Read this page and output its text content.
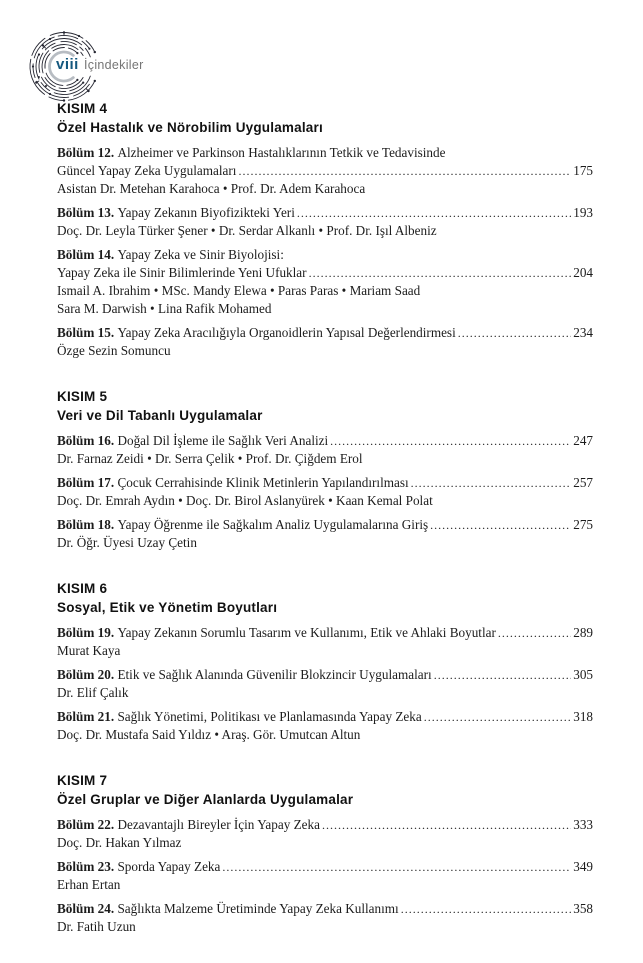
viii İçindekiler
KISIM 4
Özel Hastalık ve Nörobilim Uygulamaları
Bölüm 12. Alzheimer ve Parkinson Hastalıklarının Tetkik ve Tedavisinde
Güncel Yapay Zeka Uygulamaları .....	175
Asistan Dr. Metehan Karahoca • Prof. Dr. Adem Karahoca
Bölüm 13. Yapay Zekanın Biyofizikteki Yeri .....	193
Doç. Dr. Leyla Türker Şener • Dr. Serdar Alkanlı • Prof. Dr. Işıl Albeniz
Bölüm 14. Yapay Zeka ve Sinir Biyolojisi:
Yapay Zeka ile Sinir Bilimlerinde Yeni Ufuklar .....	204
Ismail A. Ibrahim • MSc. Mandy Elewa • Paras Paras • Mariam Saad
Sara M. Darwish • Lina Rafik Mohamed
Bölüm 15. Yapay Zeka Aracılığıyla Organoidlerin Yapısal Değerlendirmesi .....	234
Özge Sezin Somuncu
KISIM 5
Veri ve Dil Tabanlı Uygulamalar
Bölüm 16. Doğal Dil İşleme ile Sağlık Veri Analizi .....	247
Dr. Farnaz Zeidi • Dr. Serra Çelik • Prof. Dr. Çiğdem Erol
Bölüm 17. Çocuk Cerrahisinde Klinik Metinlerin Yapılandırılması .....	257
Doç. Dr. Emrah Aydın • Doç. Dr. Birol Aslanyürek • Kaan Kemal Polat
Bölüm 18. Yapay Öğrenme ile Sağkalım Analiz Uygulamalarına Giriş .....	275
Dr. Öğr. Üyesi Uzay Çetin
KISIM 6
Sosyal, Etik ve Yönetim Boyutları
Bölüm 19. Yapay Zekanın Sorumlu Tasarım ve Kullanımı, Etik ve Ahlaki Boyutlar .....	289
Murat Kaya
Bölüm 20. Etik ve Sağlık Alanında Güvenilir Blokzincir Uygulamaları .....	305
Dr. Elif Çalık
Bölüm 21. Sağlık Yönetimi, Politikası ve Planlamasında Yapay Zeka .....	318
Doç. Dr. Mustafa Said Yıldız • Araş. Gör. Umutcan Altun
KISIM 7
Özel Gruplar ve Diğer Alanlarda Uygulamalar
Bölüm 22. Dezavantajlı Bireyler İçin Yapay Zeka .....	333
Doç. Dr. Hakan Yılmaz
Bölüm 23. Sporda Yapay Zeka .....	349
Erhan Ertan
Bölüm 24. Sağlıkta Malzeme Üretiminde Yapay Zeka Kullanımı .....	358
Dr. Fatih Uzun
